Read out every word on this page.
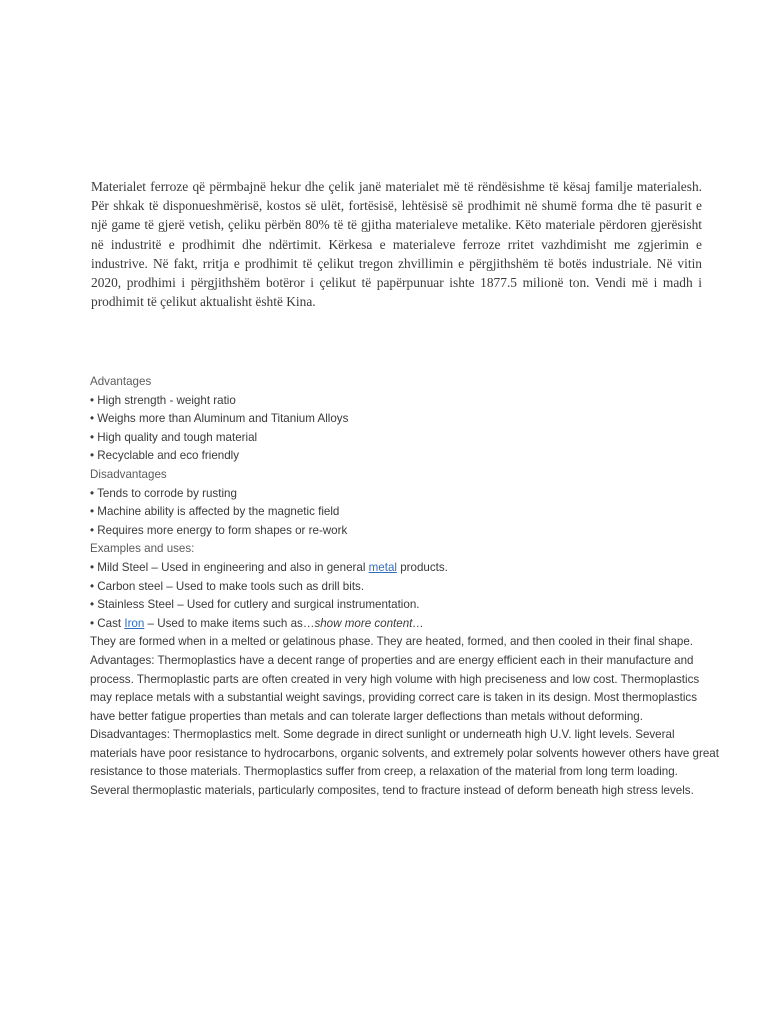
Materialet ferroze që përmbajnë hekur dhe çelik janë materialet më të rëndësishme të kësaj familje materialesh. Për shkak të disponueshmërisë, kostos së ulët, fortësisë, lehtësisë së prodhimit në shumë forma dhe të pasurit e një game të gjerë vetish, çeliku përbën 80% të të gjitha materialeve metalike. Këto materiale përdoren gjerësisht në industritë e prodhimit dhe ndërtimit. Kërkesa e materialeve ferroze rritet vazhdimisht me zgjerimin e industrive. Në fakt, rritja e prodhimit të çelikut tregon zhvillimin e përgjithshëm të botës industriale. Në vitin 2020, prodhimi i përgjithshëm botëror i çelikut të papërpunuar ishte 1877.5 milionë ton. Vendi më i madh i prodhimit të çelikut aktualisht është Kina.

Advantages
• High strength - weight ratio
• Weighs more than Aluminum and Titanium Alloys
• High quality and tough material
• Recyclable and eco friendly
Disadvantages
• Tends to corrode by rusting
• Machine ability is affected by the magnetic field
• Requires more energy to form shapes or re-work
Examples and uses:
• Mild Steel – Used in engineering and also in general metal products.
• Carbon steel – Used to make tools such as drill bits.
• Stainless Steel – Used for cutlery and surgical instrumentation.
• Cast Iron – Used to make items such as…show more content…
They are formed when in a melted or gelatinous phase. They are heated, formed, and then cooled in their final shape.
Advantages: Thermoplastics have a decent range of properties and are energy efficient each in their manufacture and process. Thermoplastic parts are often created in very high volume with high preciseness and low cost. Thermoplastics may replace metals with a substantial weight savings, providing correct care is taken in its design. Most thermoplastics have better fatigue properties than metals and can tolerate larger deflections than metals without deforming.
Disadvantages: Thermoplastics melt. Some degrade in direct sunlight or underneath high U.V. light levels. Several materials have poor resistance to hydrocarbons, organic solvents, and extremely polar solvents however others have great resistance to those materials. Thermoplastics suffer from creep, a relaxation of the material from long term loading. Several thermoplastic materials, particularly composites, tend to fracture instead of deform beneath high stress levels.
